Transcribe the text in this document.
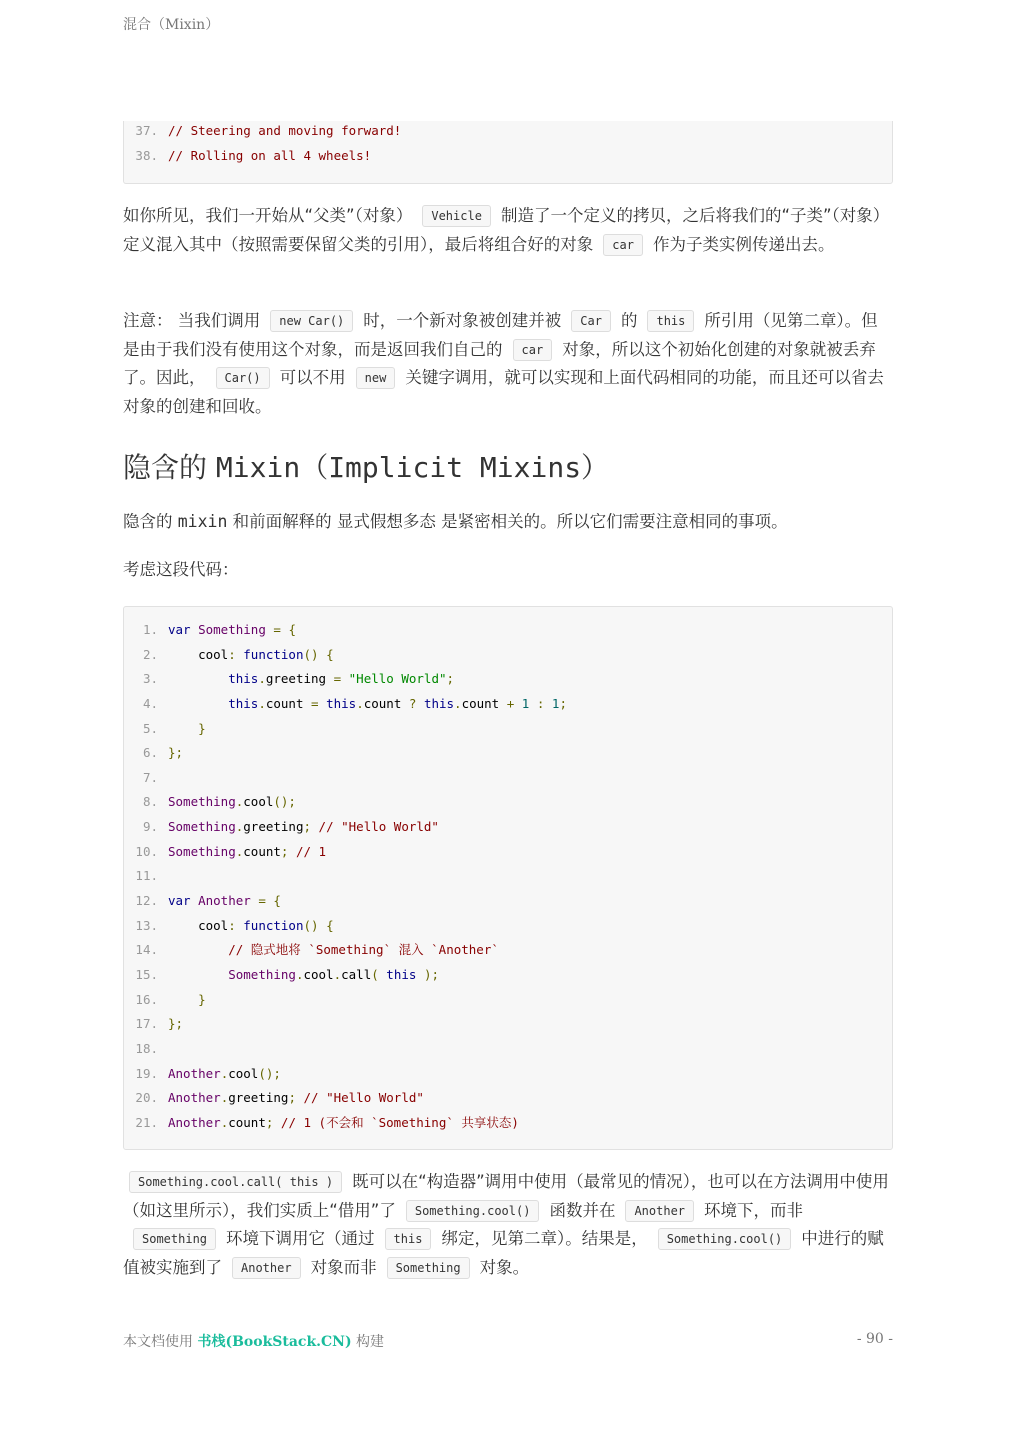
混合（Mixin）
37. // Steering and moving forward!
38. // Rolling on all 4 wheels!
如你所见，我们一开始从“父类”（对象） Vehicle 制造了一个定义的拷贝，之后将我们的“子类”（对象）定义混入其中（按照需要保留父类的引用），最后将组合好的对象 car 作为子类实例传递出去。
注意： 当我们调用 new Car() 时，一个新对象被创建并被 Car 的 this 所引用（见第二章）。但是由于我们没有使用这个对象，而是返回我们自己的 car 对象，所以这个初始化创建的对象就被丢弃了。因此， Car() 可以不用 new 关键字调用，就可以实现和上面代码相同的功能，而且还可以省去对象的创建和回收。
隐含的 Mixin（Implicit Mixins）
隐含的 mixin 和前面解释的 显式假想多态 是紧密相关的。所以它们需要注意相同的事项。
考虑这段代码：
1. var Something = {
2.    cool: function() {
3.	this.greeting = "Hello World";
4.	this.count = this.count ? this.count + 1 : 1;
5.	}
6. };
7.
8. Something.cool();
9. Something.greeting; // "Hello World"
10. Something.count; // 1
11.
12. var Another = {
13.    cool: function() {
14.	// 隐式地将 `Something` 混入 `Another`
15.	Something.cool.call( this );
16.	}
17. };
18.
19. Another.cool();
20. Another.greeting; // "Hello World"
21. Another.count; // 1 (不会和 `Something` 共享状态)
Something.cool.call( this ) 既可以在“构造器”调用中使用（最常见的情况），也可以在方法调用中使用（如这里所示），我们实质上“借用”了 Something.cool() 函数并在 Another 环境下，而非Something 环境下调用它（通过 this 绑定，见第二章）。结果是， Something.cool() 中进行的赋值被实施到了 Another 对象而非 Something 对象。
本文档使用 书栈(BookStack.CN) 构建	- 90 -
